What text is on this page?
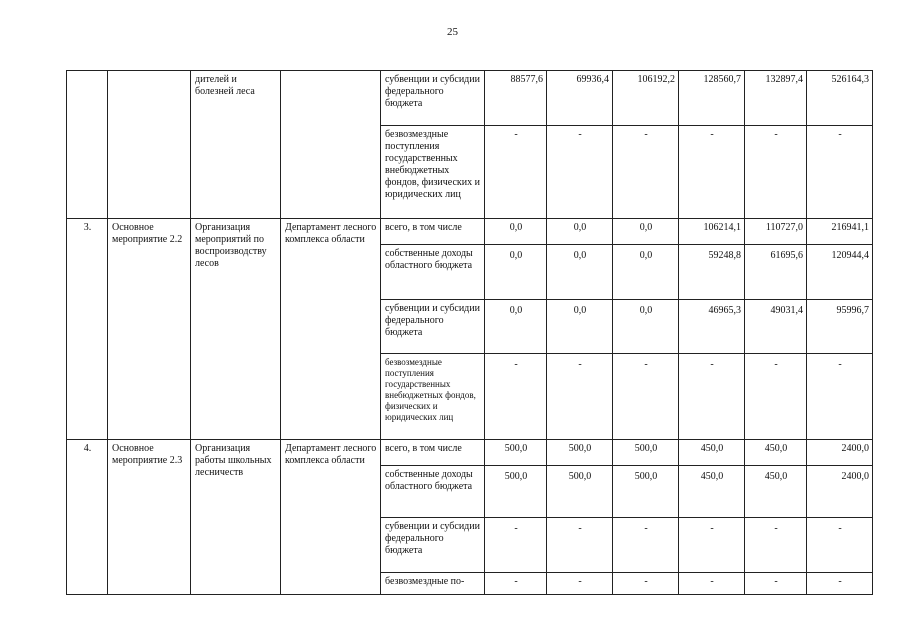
25
		дителей и болезней леса		субвенции и субсидии федерального бюджета	88577,6	69936,4	106192,2	128560,7	132897,4	526164,3
				безвозмездные поступления государственных внебюджетных фондов, физических и юридических лиц	-	-	-	-	-	-
3.	Основное мероприятие 2.2	Организация мероприятий по воспроизводству лесов	Департамент лесного комплекса области	всего, в том числе	0,0	0,0	0,0	106214,1	110727,0	216941,1
				собственные доходы областного бюджета	0,0	0,0	0,0	59248,8	61695,6	120944,4
				субвенции и субсидии федерального бюджета	0,0	0,0	0,0	46965,3	49031,4	95996,7
				безвозмездные поступления государственных внебюджетных фондов, физических и юридических лиц	-	-	-	-	-	-
4.	Основное мероприятие 2.3	Организация работы школьных лесничеств	Департамент лесного комплекса области	всего, в том числе	500,0	500,0	500,0	450,0	450,0	2400,0
				собственные доходы областного бюджета	500,0	500,0	500,0	450,0	450,0	2400,0
				субвенции и субсидии федерального бюджета	-	-	-	-	-	-
				безвозмездные по-	-	-	-	-	-	-
